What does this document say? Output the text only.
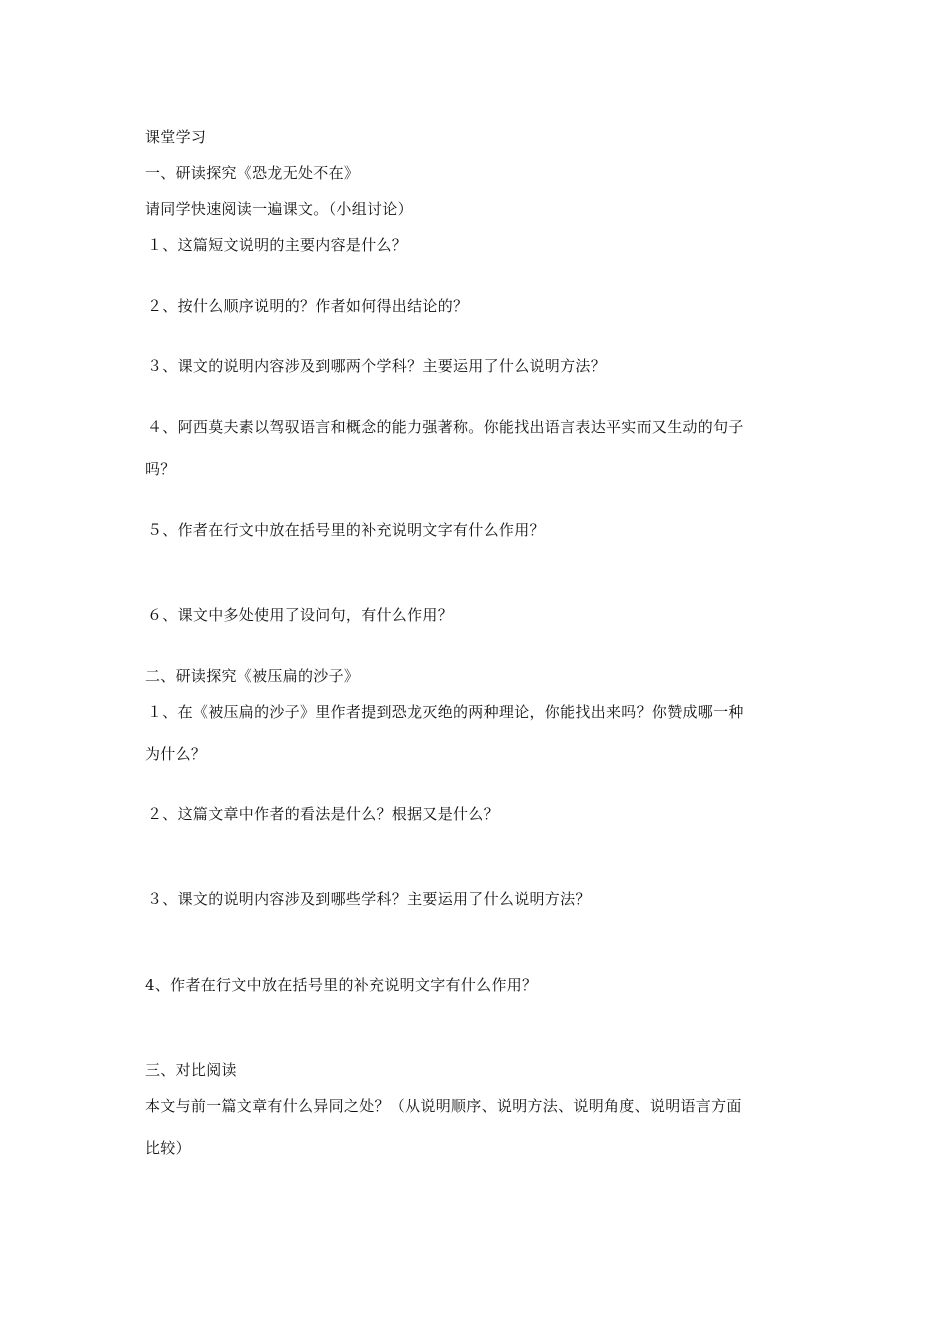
课堂学习
一、研读探究《恐龙无处不在》
请同学快速阅读一遍课文。（小组讨论）
１、这篇短文说明的主要内容是什么？
２、按什么顺序说明的？作者如何得出结论的？
３、课文的说明内容涉及到哪两个学科？主要运用了什么说明方法？
４、阿西莫夫素以驾驭语言和概念的能力强著称。你能找出语言表达平实而又生动的句子
吗？
５、作者在行文中放在括号里的补充说明文字有什么作用？
６、课文中多处使用了设问句，有什么作用？
二、研读探究《被压扁的沙子》
１、在《被压扁的沙子》里作者提到恐龙灭绝的两种理论，你能找出来吗？你赞成哪一种
为什么？
２、这篇文章中作者的看法是什么？根据又是什么？
３、课文的说明内容涉及到哪些学科？主要运用了什么说明方法？
4、作者在行文中放在括号里的补充说明文字有什么作用？
三、对比阅读
本文与前一篇文章有什么异同之处？（从说明顺序、说明方法、说明角度、说明语言方面
比较）
